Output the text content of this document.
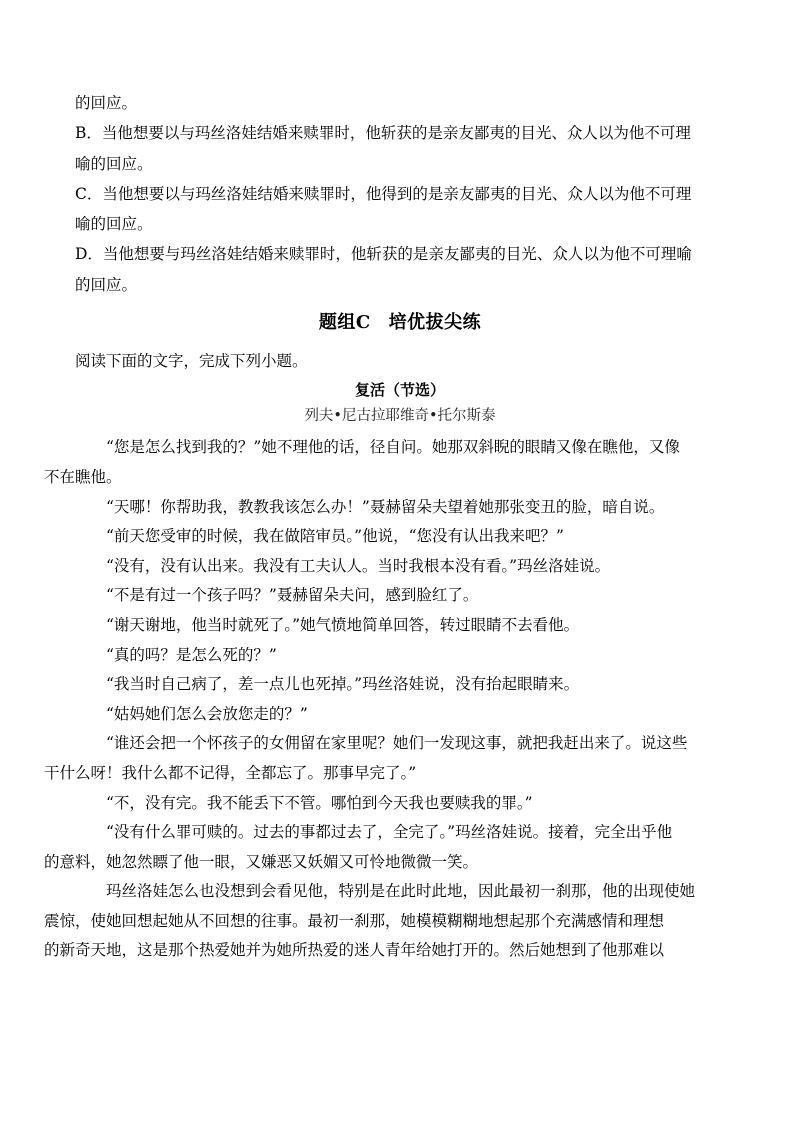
的回应。

B．当他想要以与玛丝洛娃结婚来赎罪时，他斩获的是亲友鄙夷的目光、众人以为他不可理

喻的回应。

C．当他想要以与玛丝洛娃结婚来赎罪时，他得到的是亲友鄙夷的目光、众人以为他不可理

喻的回应。

D．当他想要与玛丝洛娃结婚来赎罪时，他斩获的是亲友鄙夷的目光、众人以为他不可理喻

的回应。

题组C 培优拔尖练

阅读下面的文字，完成下列小题。

复活（节选）
列夫•尼古拉耶维奇•托尔斯泰

“您是怎么找到我的？”她不理他的话，径自问。她那双斜睨的眼睛又像在瞧他，又像
不在瞧他。

“天哪！你帮助我，教教我该怎么办！”聂赫留朵夫望着她那张变丑的脸，暗自说。

“前天您受审的时候，我在做陪审员。”他说，“您没有认出我来吧？”

“没有，没有认出来。我没有工夫认人。当时我根本没有看。”玛丝洛娃说。

“不是有过一个孩子吗？”聂赫留朵夫问，感到脸红了。

“谢天谢地，他当时就死了。”她气愤地简单回答，转过眼睛不去看他。

“真的吗？是怎么死的？”

“我当时自己病了，差一点儿也死掉。”玛丝洛娃说，没有抬起眼睛来。

“姑妈她们怎么会放您走的？”

“谁还会把一个怀孩子的女佣留在家里呢？她们一发现这事，就把我赶出来了。说这些
干什么呀！我什么都不记得，全都忘了。那事早完了。”

“不，没有完。我不能丢下不管。哪怕到今天我也要赎我的罪。”

“没有什么罪可赎的。过去的事都过去了，全完了。”玛丝洛娃说。接着，完全出乎他
的意料，她忽然瞟了他一眼，又嫌恶又妖媚又可怜地微微一笑。

玛丝洛娃怎么也没想到会看见他，特别是在此时此地，因此最初一刹那，他的出现使她
震惊，使她回想起她从不回想的往事。最初一刹那，她模模糊糊地想起那个充满感情和理想
的新奇天地，这是那个热爱她并为她所热爱的迷人青年给她打开的。然后她想到了他那难以
